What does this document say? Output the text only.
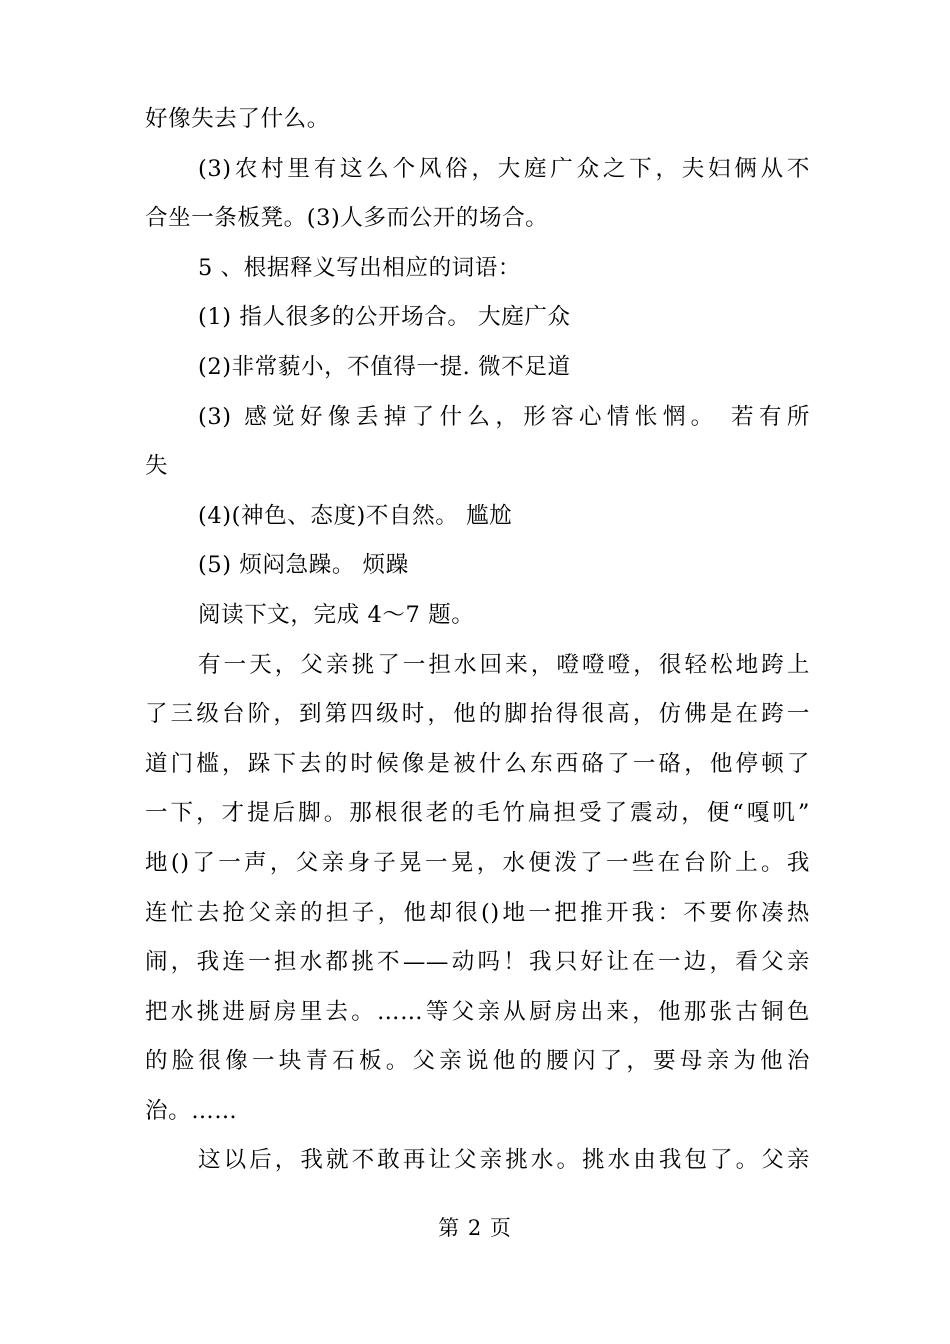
好像失去了什么。
(3)农村里有这么个风俗，大庭广众之下，夫妇俩从不
合坐一条板凳。(3)人多而公开的场合。
5 、根据释义写出相应的词语：
(1) 指人很多的公开场合。 大庭广众
(2)非常藐小，不值得一提. 微不足道
(3) 感觉好像丢掉了什么，形容心情怅惘。 若有所
失
(4)(神色、态度)不自然。 尴尬
(5) 烦闷急躁。 烦躁
阅读下文，完成 4～7 题。
有一天，父亲挑了一担水回来，噔噔噔，很轻松地跨上
了三级台阶，到第四级时，他的脚抬得很高，仿佛是在跨一
道门槛，跺下去的时候像是被什么东西硌了一硌，他停顿了
一下，才提后脚。那根很老的毛竹扁担受了震动，便“嘎叽”
地()了一声，父亲身子晃一晃，水便泼了一些在台阶上。我
连忙去抢父亲的担子，他却很()地一把推开我：不要你凑热
闹，我连一担水都挑不——动吗！我只好让在一边，看父亲
把水挑进厨房里去。……等父亲从厨房出来，他那张古铜色
的脸很像一块青石板。父亲说他的腰闪了，要母亲为他治
治。……
这以后，我就不敢再让父亲挑水。挑水由我包了。父亲
第 2 页
